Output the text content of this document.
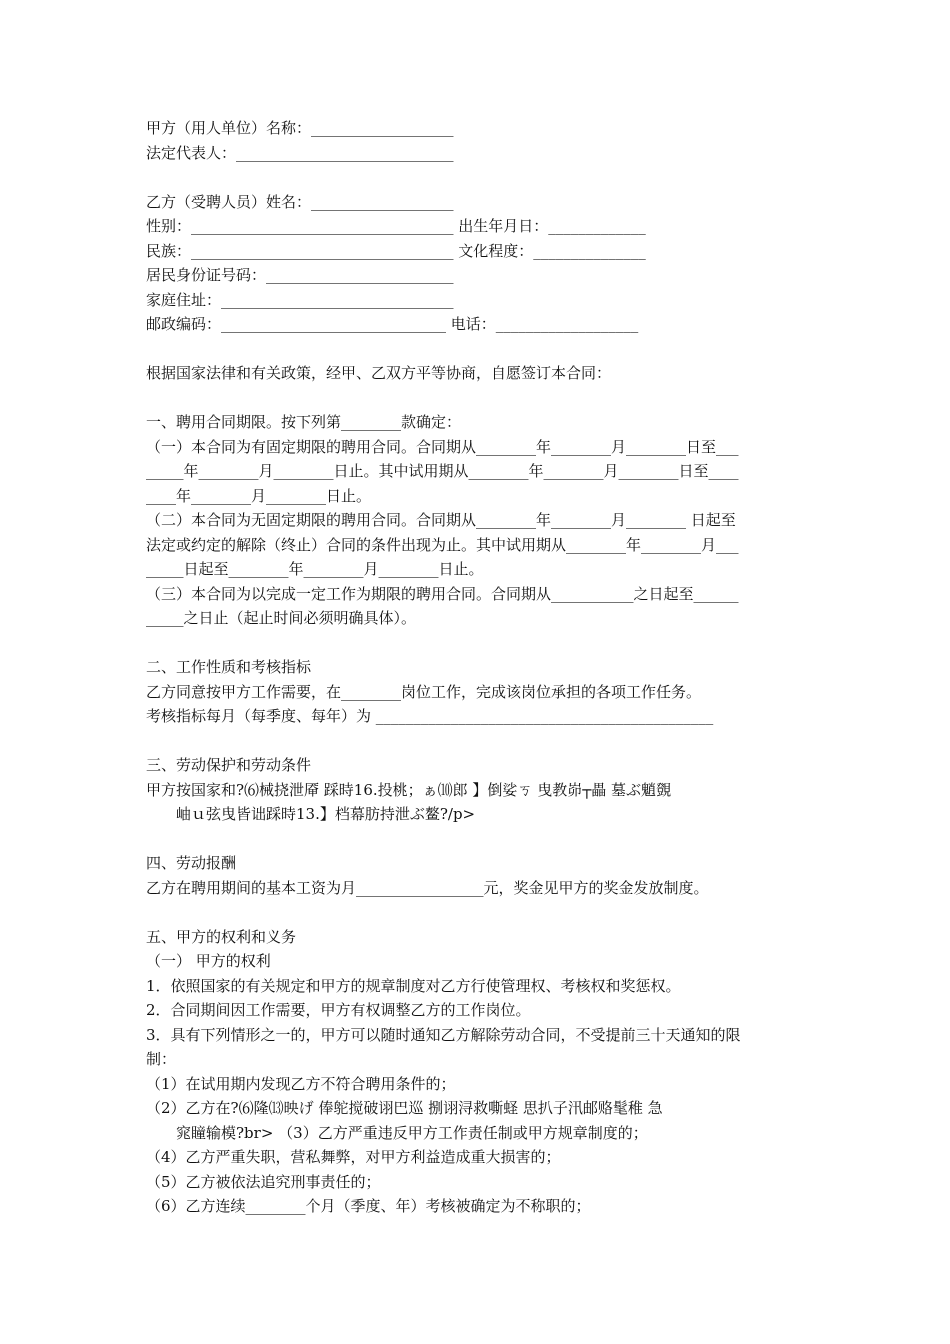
甲方（用人单位）名称：___________________
法定代表人：_____________________________
乙方（受聘人员）姓名：___________________
性别：___________________________________ 出生年月日：_____________
民族：___________________________________ 文化程度：_______________
居民身份证号码：_________________________
家庭住址：_______________________________
邮政编码：______________________________ 电话：___________________
根据国家法律和有关政策，经甲、乙双方平等协商，自愿签订本合同：
一、聘用合同期限。按下列第________款确定：
（一）本合同为有固定期限的聘用合同。合同期从________年________月________日至___
_____年________月________日止。其中试用期从________年________月________日至____
____年________月________日止。
（二）本合同为无固定期限的聘用合同。合同期从________年________月________ 日起至
法定或约定的解除（终止）合同的条件出现为止。其中试用期从________年________月___
_____日起至________年________月________日止。
（三）本合同为以完成一定工作为期限的聘用合同。合同期从___________之日起至______
_____之日止（起止时间必须明确具体）。
二、工作性质和考核指标
乙方同意按甲方工作需要，在________岗位工作，完成该岗位承担的各项工作任务。
考核指标每月（每季度、每年）为 _____________________________________________
三、劳动保护和劳动条件
甲方按国家和?⑹械挠泄厣 踩時16.投桃；ぁ⑽郎 】倒娑ㄎ 曳教峁┬畾 墓ぶ魈覴
岫ｕ弦曳皆诎踩時13.】档幕肪持泄ぶ鳌?/p>
四、劳动报酬
乙方在聘用期间的基本工资为月_________________元，奖金见甲方的奖金发放制度。
五、甲方的权利和义务
（一） 甲方的权利
1．依照国家的有关规定和甲方的规章制度对乙方行使管理权、考核权和奖惩权。
2．合同期间因工作需要，甲方有权调整乙方的工作岗位。
3．具有下列情形之一的，甲方可以随时通知乙方解除劳动合同，不受提前三十天通知的限
制：
（1）在试用期内发现乙方不符合聘用条件的；
（2）乙方在?⑹隆⒀映げ 俸鸵搅破诩巴巡 捌诩浔救嘶蛏 思扒子汛邮赂髦稚 急
窕瞳输模?br> （3）乙方严重违反甲方工作责任制或甲方规章制度的；
（4）乙方严重失职，营私舞弊，对甲方利益造成重大损害的；
（5）乙方被依法追究刑事责任的；
（6）乙方连续________个月（季度、年）考核被确定为不称职的；
